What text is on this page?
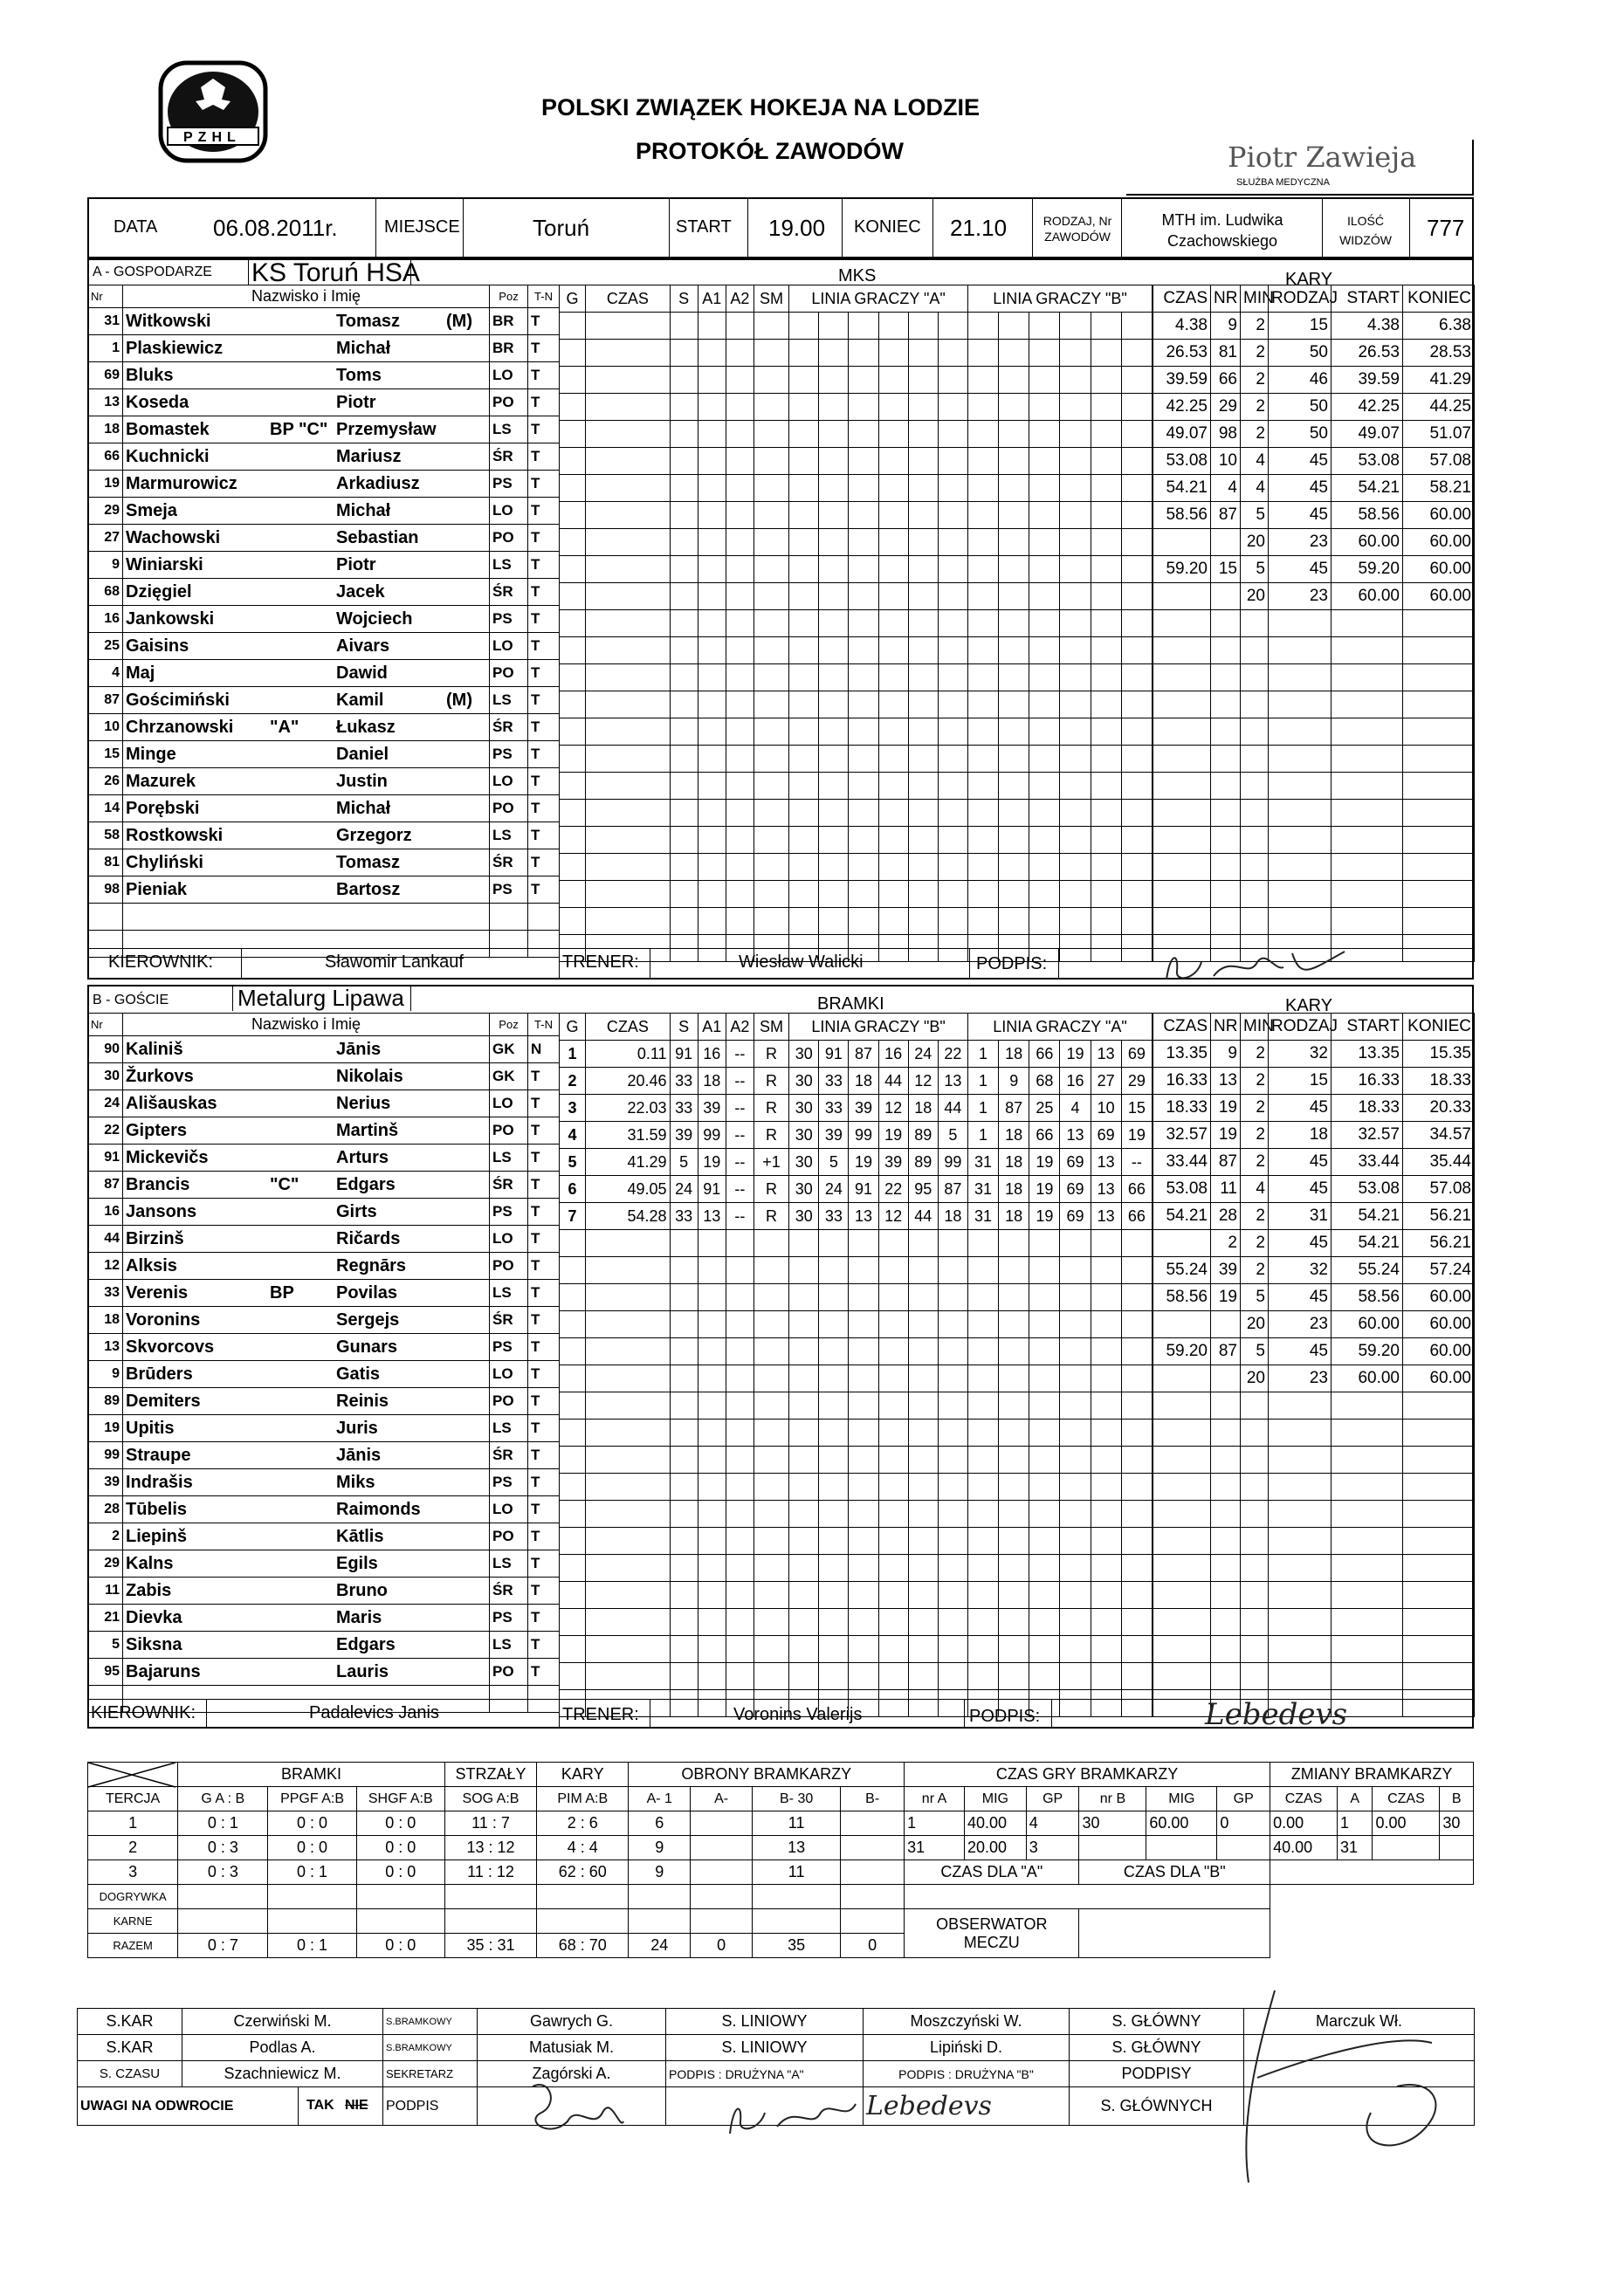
PZHL
POLSKI ZWIĄZEK HOKEJA NA LODZIE
PROTOKÓŁ ZAWODÓW	Piotr Zawieja
SŁUŻBA MEDYCZNA
DATA 06.08.2011r.	MIEJSCE	Toruń	START 19.00 KONIEC 21.10	RODZAJ, Nr ZAWODÓW
MTH im. Ludwika Czachowskiego
ILOŚĆ WIDZÓW	777
A - GOSPODARZE KS Toruń HSA	MKS	KARY
Nr	Nazwisko i Imię	Poz	T-N
31	Witkowski Tomasz (M)	BR	T
1	Plaskiewicz Michał	BR	T
69	Bluks Toms	LO	T
13	Koseda Piotr	PO	T
18	Bomastek BP "C" Przemysław	LS	T
66	Kuchnicki Mariusz	ŚR	T
19	Marmurowicz Arkadiusz	PS	T
29	Smeja Michał	LO	T
27	Wachowski Sebastian	PO	T
9	Winiarski Piotr	LS	T
68	Dzięgiel Jacek	ŚR	T
16	Jankowski Wojciech	PS	T
25	Gaisins Aivars	LO	T
4	Maj Dawid	PO	T
87	Gościmiński Kamil (M)	LS	T
10	Chrzanowski "A" Łukasz	ŚR	T
15	Minge Daniel	PS	T
26	Mazurek Justin	LO	T
14	Porębski Michał	PO	T
58	Rostkowski Grzegorz	LS	T
81	Chyliński Tomasz	ŚR	T
98	Pieniak Bartosz	PS	T

G	CZAS	S	A1	A2	SM	LINIA GRACZY "A"						LINIA GRACZY "B"					

																	CZAS	NR	MIN	RODZAJ	START	KONIEC
4.38	9	2	15	4.38	6.38
26.53	81	2	50	26.53	28.53
39.59	66	2	46	39.59	41.29
42.25	29	2	50	42.25	44.25
49.07	98	2	50	49.07	51.07
53.08	10	4	45	53.08	57.08
54.21	4	4	45	54.21	58.21
58.56	87	5	45	58.56	60.00
		20	23	60.00	60.00
59.20	15	5	45	59.20	60.00
		20	23	60.00	60.00

KIEROWNIK:	Sławomir Lankauf	TRENER:	Wiesław Walicki	PODPIS:
B - GOŚCIE	Metalurg Lipawa	BRAMKI	KARY
Nr	Nazwisko i Imię	Poz	T-N
90	Kaliniš Jānis	GK	N
30	Žurkovs Nikolais	GK	T
24	Ališauskas Nerius	LO	T
22	Gipters Martinš	PO	T
91	Mickevičs Arturs	LS	T
87	Brancis "C" Edgars	ŚR	T
16	Jansons Girts	PS	T
44	Birzinš Ričards	LO	T
12	Alksis Regnārs	PO	T
33	Verenis BP Povilas	LS	T
18	Voronins Sergejs	ŚR	T
13	Skvorcovs Gunars	PS	T
9	Brūders Gatis	LO	T
89	Demiters Reinis	PO	T
19	Upitis Juris	LS	T
99	Straupe Jānis	ŚR	T
39	Indrašis Miks	PS	T
28	Tūbelis Raimonds	LO	T
2	Liepinš Kātlis	PO	T
29	Kalns Egils	LS	T
11	Zabis Bruno	ŚR	T
21	Dievka Maris	PS	T
5	Siksna Edgars	LS	T
95	Bajaruns Lauris	PO	T

G	CZAS	S	A1	A2	SM	LINIA GRACZY "B"						LINIA GRACZY "A"					
1	0.11	91	16	--	R	30	91	87	16	24	22	1	18	66	19	13	69
2	20.46	33	18	--	R	30	33	18	44	12	13	1	9	68	16	27	29
3	22.03	33	39	--	R	30	33	39	12	18	44	1	87	25	4	10	15
4	31.59	39	99	--	R	30	39	99	19	89	5	1	18	66	13	69	19
5	41.29	5	19	--	+1	30	5	19	39	89	99	31	18	19	69	13	--
6	49.05	24	91	--	R	30	24	91	22	95	87	31	18	19	69	13	66
7	54.28	33	13	--	R	30	33	13	12	44	18	31	18	19	69	13	66

CZAS	NR	MIN	RODZAJ	START	KONIEC
13.35	9	2	32	13.35	15.35
16.33	13	2	15	16.33	18.33
18.33	19	2	45	18.33	20.33
32.57	19	2	18	32.57	34.57
33.44	87	2	45	33.44	35.44
53.08	11	4	45	53.08	57.08
54.21	28	2	31	54.21	56.21
	2	2	45	54.21	56.21
55.24	39	2	32	55.24	57.24
58.56	19	5	45	58.56	60.00
		20	23	60.00	60.00
59.20	87	5	45	59.20	60.00
		20	23	60.00	60.00

KIEROWNIK:	Padalevics Janis	TRENER:	Voronins Valerijs	PODPIS:	Lebedevs
	BRAMKI			STRZAŁY	KARY	OBRONY BRAMKARZY				CZAS GRY BRAMKARZY						ZMIANY BRAMKARZY			
TERCJA	G A : B	PPGF A:B	SHGF A:B	SOG A:B	PIM A:B	A- 1	A-	B- 30	B-	nr A	MIG	GP	nr B	MIG	GP	CZAS	A	CZAS	B
1	0 : 1	0 : 0	0 : 0	11 : 7	2 : 6	6		11		1	40.00	4	30	60.00	0	0.00	1	0.00	30
2	0 : 3	0 : 0	0 : 0	13 : 12	4 : 4	9		13		31	20.00	3				40.00	31		
3	0 : 3	0 : 1	0 : 0	11 : 12	62 : 60	9		11		CZAS DLA "A"			CZAS DLA "B"						
DOGRYWKA																			
KARNE										OBSERWATOR MECZU									
RAZEM	0 : 7	0 : 1	0 : 0	35 : 31	68 : 70	24	0	35	0										
S.KAR	Czerwiński M.	S.BRAMKOWY	Gawrych G.	S. LINIOWY	Moszczyński W.	S. GŁÓWNY	Marczuk Wł.
S.KAR	Podlas A.	S.BRAMKOWY	Matusiak M.	S. LINIOWY	Lipiński D.	S. GŁÓWNY	
S. CZASU	Szachniewicz M.	SEKRETARZ	Zagórski A.	PODPIS : DRUŻYNA "A"	PODPIS : DRUŻYNA "B"	PODPISY	
UWAGI NA ODWROCIE TAK NIE		PODPIS			Lebedevs	S. GŁÓWNYCH	
